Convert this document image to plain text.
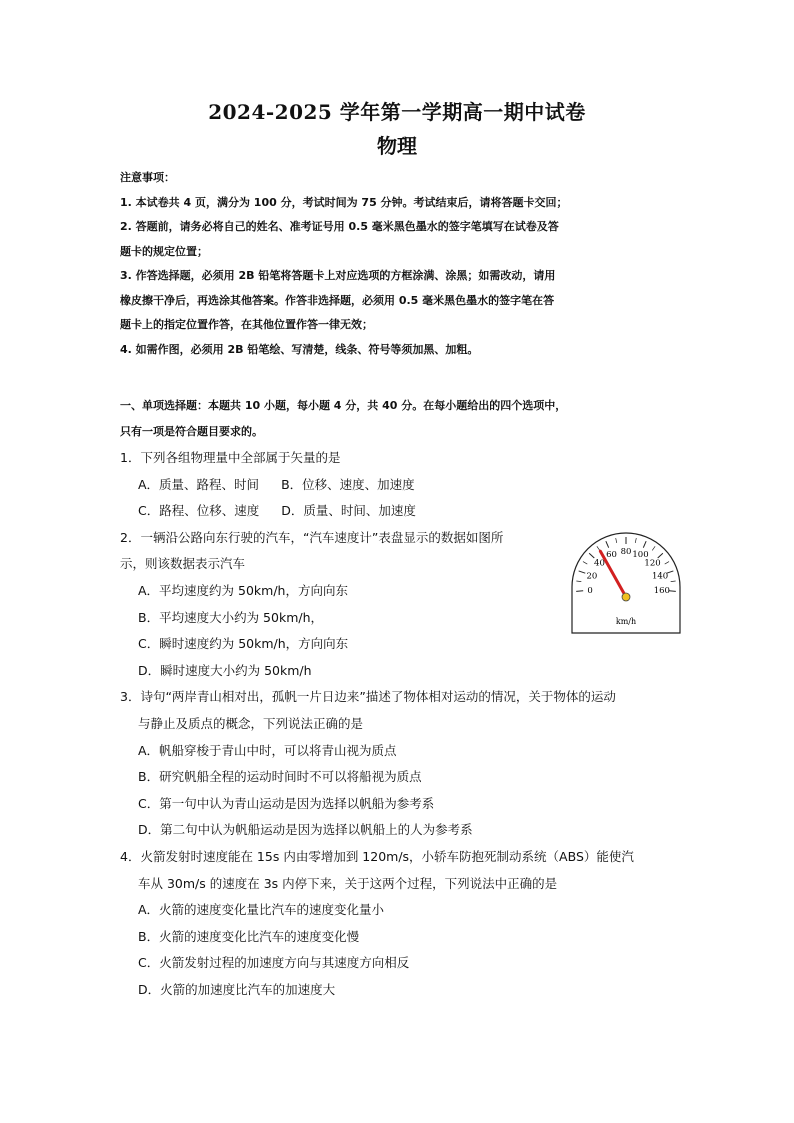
2024-2025 学年第一学期高一期中试卷
物理
注意事项：
1. 本试卷共 4 页，满分为 100 分，考试时间为 75 分钟。考试结束后，请将答题卡交回；
2. 答题前，请务必将自己的姓名、准考证号用 0.5 毫米黑色墨水的签字笔填写在试卷及答
题卡的规定位置；
3. 作答选择题，必须用 2B 铅笔将答题卡上对应选项的方框涂满、涂黑；如需改动，请用
橡皮擦干净后，再选涂其他答案。作答非选择题，必须用 0.5 毫米黑色墨水的签字笔在答
题卡上的指定位置作答，在其他位置作答一律无效；
4. 如需作图，必须用 2B 铅笔绘、写清楚，线条、符号等须加黑、加粗。
一、单项选择题：本题共 10 小题，每小题 4 分，共 40 分。在每小题给出的四个选项中，
只有一项是符合题目要求的。
1．下列各组物理量中全部属于矢量的是
A．质量、路程、时间 B．位移、速度、加速度
C．路程、位移、速度 D．质量、时间、加速度
2．一辆沿公路向东行驶的汽车，“汽车速度计”表盘显示的数据如图所
示，则该数据表示汽车
A．平均速度约为 50km/h，方向向东
B．平均速度大小约为 50km/h，
C．瞬时速度约为 50km/h，方向向东
D．瞬时速度大小约为 50km/h
3．诗句“两岸青山相对出，孤帆一片日边来”描述了物体相对运动的情况，关于物体的运动
与静止及质点的概念，下列说法正确的是
A．帆船穿梭于青山中时，可以将青山视为质点
B．研究帆船全程的运动时间时不可以将船视为质点
C．第一句中认为青山运动是因为选择以帆船为参考系
D．第二句中认为帆船运动是因为选择以帆船上的人为参考系
4．火箭发射时速度能在 15s 内由零增加到 120m/s，小轿车防抱死制动系统（ABS）能使汽
车从 30m/s 的速度在 3s 内停下来，关于这两个过程，下列说法中正确的是
A．火箭的速度变化量比汽车的速度变化量小
B．火箭的速度变化比汽车的速度变化慢
C．火箭发射过程的加速度方向与其速度方向相反
D．火箭的加速度比汽车的加速度大
0
20
40
60 80 100
120
140
160
km/h
